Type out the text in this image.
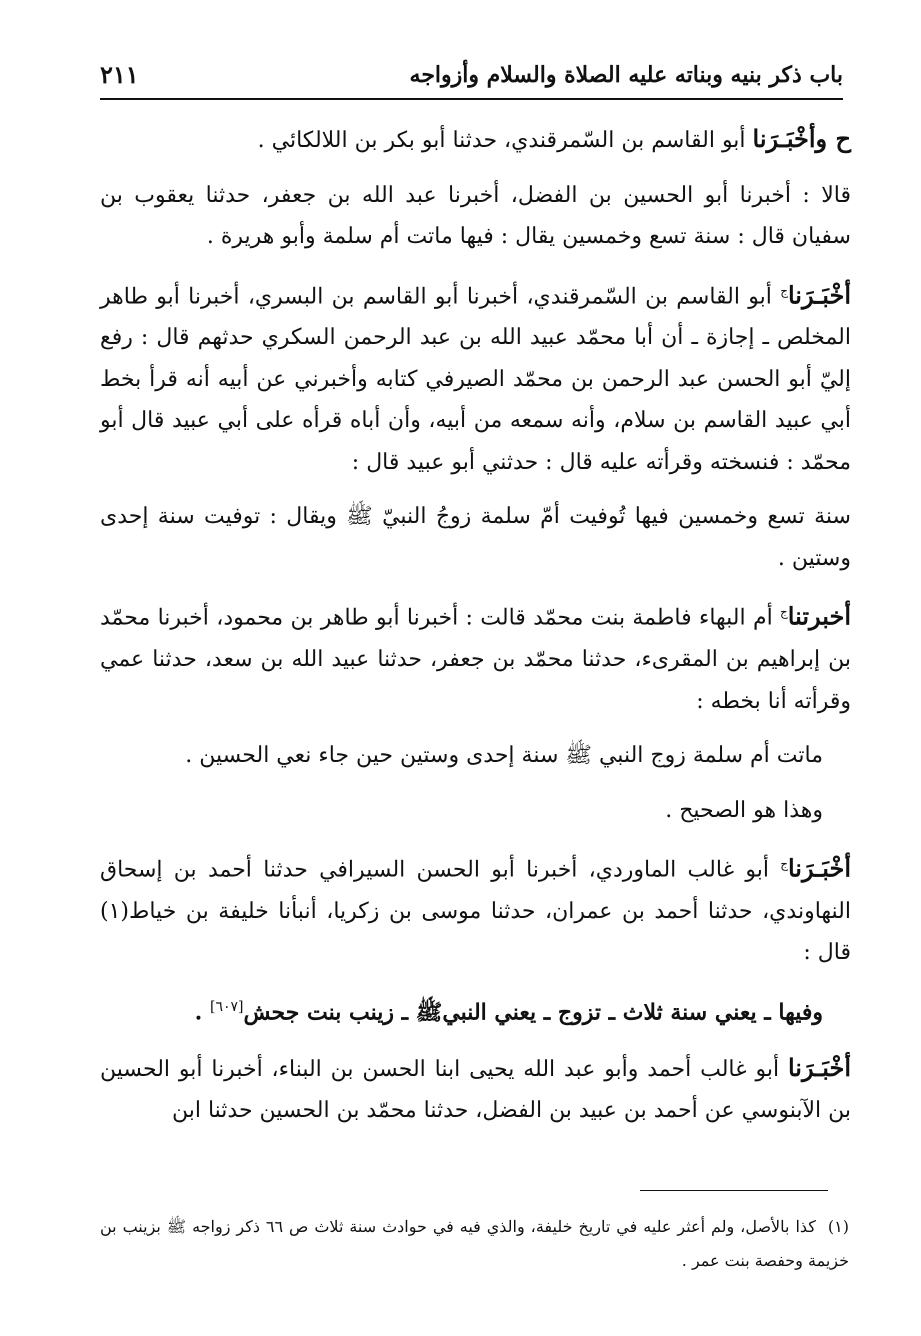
باب ذكر بنيه وبناته عليه الصلاة والسلام وأزواجه
٢١١

ح وأخْبَـرَنا أبو القاسم بن السّمرقندي، حدثنا أبو بكر بن اللالكائي .

قالا : أخبرنا أبو الحسين بن الفضل، أخبرنا عبد الله بن جعفر، حدثنا يعقوب بن سفيان قال : سنة تسع وخمسين يقال : فيها ماتت أم سلمة وأبو هريرة .

أخْبَـرَنا$^ج$ أبو القاسم بن السّمرقندي، أخبرنا أبو القاسم بن البسري، أخبرنا أبو طاهر المخلص ـ إجازة ـ أن أبا محمّد عبيد الله بن عبد الرحمن السكري حدثهم قال : رفع إليّ أبو الحسن عبد الرحمن بن محمّد الصيرفي كتابه وأخبرني عن أبيه أنه قرأ بخط أبي عبيد القاسم بن سلام، وأنه سمعه من أبيه، وأن أباه قرأه على أبي عبيد قال أبو محمّد : فنسخته وقرأته عليه قال : حدثني أبو عبيد قال :

سنة تسع وخمسين فيها تُوفيت أمّ سلمة زوجُ النبيّ ﷺ ويقال : توفيت سنة إحدى وستين .

أخبرتنا$^ج$ أم البهاء فاطمة بنت محمّد قالت : أخبرنا أبو طاهر بن محمود، أخبرنا محمّد بن إبراهيم بن المقرىء، حدثنا محمّد بن جعفر، حدثنا عبيد الله بن سعد، حدثنا عمي وقرأته أنا بخطه :

ماتت أم سلمة زوج النبي ﷺ سنة إحدى وستين حين جاء نعي الحسين .

وهذا هو الصحيح .

أخْبَـرَنا$^ج$ أبو غالب الماوردي، أخبرنا أبو الحسن السيرافي حدثنا أحمد بن إسحاق النهاوندي، حدثنا أحمد بن عمران، حدثنا موسى بن زكريا، أنبأنا خليفة بن خياط(١) قال :

وفيها ـ يعني سنة ثلاث ـ تزوج ـ يعني النبيﷺ ـ زينب بنت جحش[٦٠٧] .

أخْبَـرَنا أبو غالب أحمد وأبو عبد الله يحيى ابنا الحسن بن البناء، أخبرنا أبو الحسين بن الآبنوسي عن أحمد بن عبيد بن الفضل، حدثنا محمّد بن الحسين حدثنا ابن

(١)كذا بالأصل، ولم أعثر عليه في تاريخ خليفة، والذي فيه في حوادث سنة ثلاث ص ٦٦ ذكر زواجه ﷺ بزينب بن خزيمة وحفصة بنت عمر .
